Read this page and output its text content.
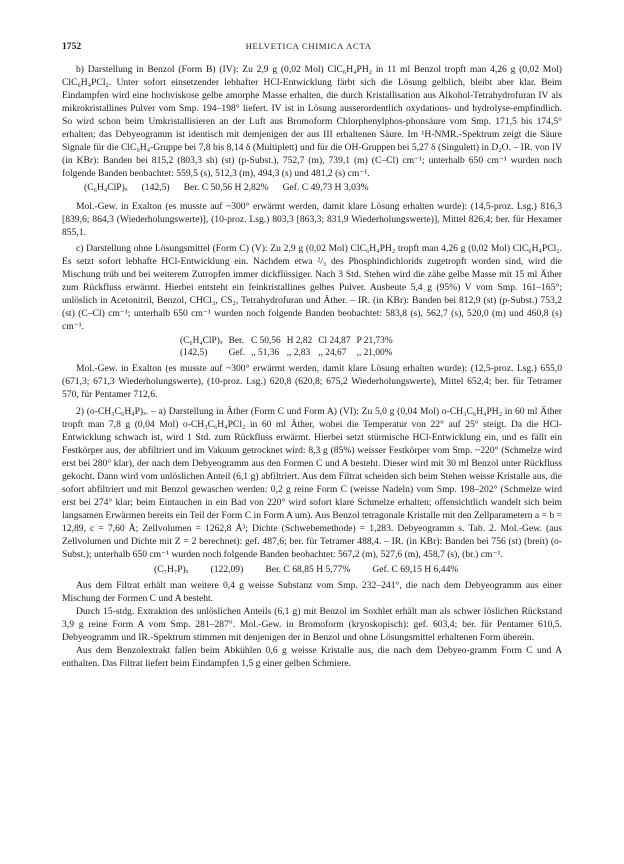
1752	HELVETICA CHIMICA ACTA

b) Darstellung in Benzol (Form B) (IV): Zu 2,9 g (0,02 Mol) ClC₆H₄PH₂ in 11 ml Benzol tropft man 4,26 g (0,02 Mol) ClC₆H₄PCl₂. Unter sofort einsetzender lebhafter HCl-Entwicklung färbt sich die Lösung gelblich, bleibt aber klar. Beim Eindampfen wird eine hochviskose gelbe amorphe Masse erhalten, die durch Kristallisation aus Alkohol-Tetrahydrofuran IV als mikrokristallines Pulver vom Smp. 194–198° liefert. IV ist in Lösung ausserordentlich oxydations- und hydrolyse-empfindlich. So wird schon beim Umkristallisieren an der Luft aus Bromoform Chlorphenylphos-phonsäure vom Smp. 171,5 bis 174,5° erhalten; das Debyeogramm ist identisch mit demjenigen der aus III erhaltenen Säure. Im ¹H-NMR.-Spektrum zeigt die Säure Signale für die ClC₆H₄-Gruppe bei 7,8 bis 8,14 δ (Multiplett) und für die OH-Gruppen bei 5,27 δ (Singulett) in D₂O. – IR. von IV (in KBr): Banden bei 815,2 (803,3 sh) (st) (p-Subst.), 752,7 (m), 739,1 (m) (C–Cl) cm⁻¹; unterhalb 650 cm⁻¹ wurden noch folgende Banden beobachtet: 559,5 (s), 512,3 (m), 494,3 (s) und 481,2 (s) cm⁻¹.

(C₆H₄ClP)ₓ (142,5) Ber. C 50,56 H 2,82% Gef. C 49,73 H 3,03%

Mol.-Gew. in Exalton (es musste auf ~300° erwärmt werden, damit klare Lösung erhalten wurde): (14,5-proz. Lsg.) 816,3 [839,6; 864,3 (Wiederholungswerte)], (10-proz. Lsg.) 803,3 [863,3; 831,9 Wiederholungswerte)], Mittel 826,4; ber. für Hexamer 855,1.

c) Darstellung ohne Lösungsmittel (Form C) (V): Zu 2,9 g (0,02 Mol) ClC₆H₄PH₂ tropft man 4,26 g (0,02 Mol) ClC₆H₄PCl₂. Es setzt sofort lebhafte HCl-Entwicklung ein. Nachdem etwa ²/₃ des Phosphindichlorids zugetropft worden sind, wird die Mischung trüb und bei weiterem Zutropfen immer dickflüssiger. Nach 3 Std. Stehen wird die zähe gelbe Masse mit 15 ml Äther zum Rückfluss erwärmt. Hierbei entsteht ein feinkristallines gelbes Pulver. Ausbeute 5,4 g (95%) V vom Smp. 161–165°; unlöslich in Acetonitril, Benzol, CHCl₃, CS₂, Tetrahydrofuran und Äther. – IR. (in KBr): Banden bei 812,9 (st) (p-Subst.) 753,2 (st) (C–Cl) cm⁻¹; unterhalb 650 cm⁻¹ wurden noch folgende Banden beobachtet: 583,8 (s), 562,7 (s), 520,0 (m) und 460,8 (s) cm⁻¹.

(C₆H₄ClP)ₓ	Ber.	C 50,56	H 2,82	Cl 24,87	P 21,73%
(142,5)	Gef.	,, 51,36	,, 2,83	,, 24,67	,, 21,00%

Mol.-Gew. in Exalton (es musste auf ~300° erwärmt werden, damit klare Lösung erhalten wurde): (12,5-proz. Lsg.) 655,0 (671,3; 671,3 Wiederholungswerte), (10-proz. Lsg.) 620,8 (620,8; 675,2 Wiederholungswerte), Mittel 652,4; ber. für Tetramer 570, für Pentamer 712,6.

2) (o-CH₃C₆H₄P)ₓ. – a) Darstellung in Äther (Form C und Form A) (VI): Zu 5,0 g (0,04 Mol) o-CH₃C₆H₄PH₂ in 60 ml Äther tropft man 7,8 g (0,04 Mol) o-CH₃C₆H₄PCl₂ in 60 ml Äther, wobei die Temperatur von 22° auf 25° steigt. Da die HCl-Entwicklung schwach ist, wird 1 Std. zum Rückfluss erwärmt. Hierbei setzt stürmische HCl-Entwicklung ein, und es fällt ein Festkörper aus, der abfiltriert und im Vakuum getrocknet wird: 8,3 g (85%) weisser Festkörper vom Smp. ~220° (Schmelze wird erst bei 280° klar), der nach dem Debyeogramm aus den Formen C und A besteht. Dieser wird mit 30 ml Benzol unter Rückfluss gekocht. Dann wird vom unlöslichen Anteil (6,1 g) abfiltriert. Aus dem Filtrat scheiden sich beim Stehen weisse Kristalle aus, die sofort abfiltriert und mit Benzol gewaschen werden: 0,2 g reine Form C (weisse Nadeln) vom Smp. 198–202° (Schmelze wird erst bei 274° klar; beim Eintauchen in ein Bad von 220° wird sofort klare Schmelze erhalten; offensichtlich wandelt sich beim langsamen Erwärmen bereits ein Teil der Form C in Form A um). Aus Benzol tetragonale Kristalle mit den Zellparametern a = b = 12,89, c = 7,60 Å; Zellvolumen = 1262,8 Å³; Dichte (Schwebemethode) = 1,283. Debyeogramm s. Tab. 2. Mol.-Gew. (aus Zellvolumen und Dichte mit Z = 2 berechnet): gef. 487,6; ber. für Tetramer 488,4. – IR. (in KBr): Banden bei 756 (st) (breit) (o-Subst.); unterhalb 650 cm⁻¹ wurden noch folgende Banden beobachtet: 567,2 (m), 527,6 (m), 458,7 (s), (br.) cm⁻¹.

(C₇H₇P)ₓ (122,09) Ber. C 68,85 H 5,77% Gef. C 69,15 H 6,44%

Aus dem Filtrat erhält man weitere 0,4 g weisse Substanz vom Smp. 232–241°, die nach dem Debyeogramm aus einer Mischung der Formen C und A besteht.

Durch 15-stdg. Extraktion des unlöslichen Anteils (6,1 g) mit Benzol im Soxhlet erhält man als schwer löslichen Rückstand 3,9 g reine Form A vom Smp. 281–287°. Mol.-Gew. in Bromoform (kryoskopisch): gef. 603,4; ber. für Pentamer 610,5. Debyeogramm und IR.-Spektrum stimmen mit denjenigen der in Benzol und ohne Lösungsmittel erhaltenen Form überein.

Aus dem Benzolextrakt fallen beim Abkühlen 0,6 g weisse Kristalle aus, die nach dem Debyeo-gramm Form C und A enthalten. Das Filtrat liefert beim Eindampfen 1,5 g einer gelben Schmiere.
